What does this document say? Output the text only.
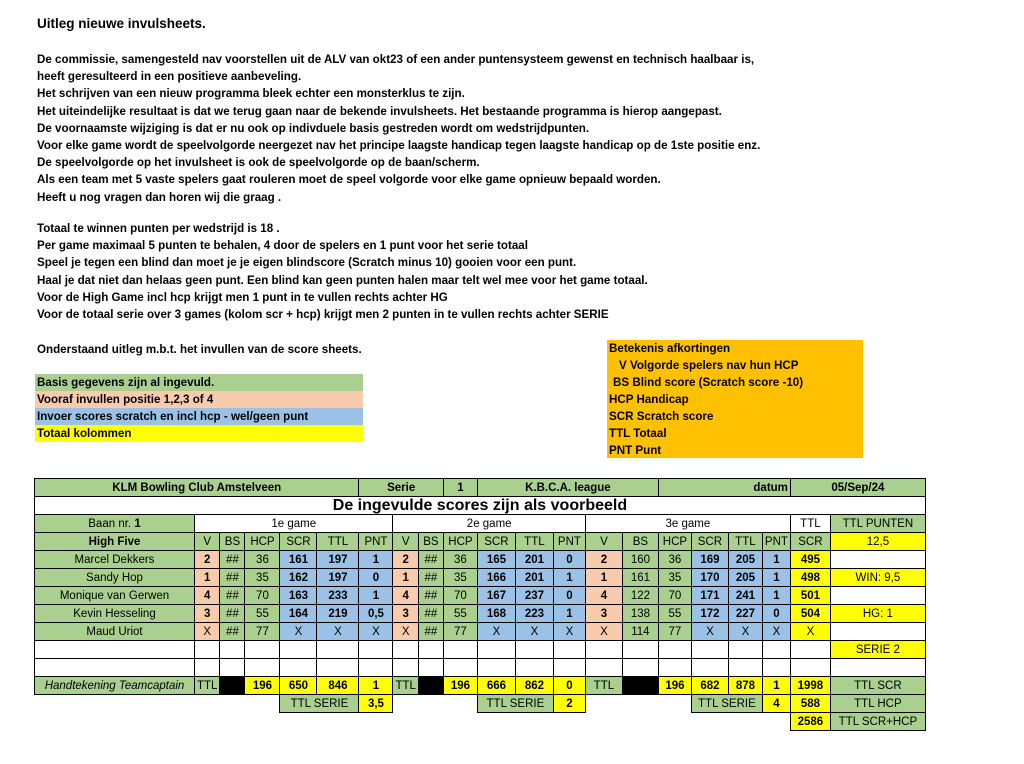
Uitleg nieuwe invulsheets.
De commissie, samengesteld nav voorstellen uit de ALV van okt23 of een ander puntensysteem gewenst en technisch haalbaar is,
heeft geresulteerd in een positieve aanbeveling.
Het schrijven van een nieuw programma bleek echter een monsterklus te zijn.
Het uiteindelijke resultaat is dat we terug gaan naar de bekende invulsheets. Het bestaande programma is hierop aangepast.
De voornaamste wijziging is dat er nu ook op indivduele basis gestreden wordt om wedstrijdpunten.
Voor elke game wordt de speelvolgorde neergezet nav het principe laagste handicap tegen laagste handicap op de 1ste positie enz.
De speelvolgorde op het invulsheet is ook de speelvolgorde op de baan/scherm.
Als een team met 5 vaste spelers gaat rouleren moet de speel volgorde voor elke game opnieuw bepaald worden.
Heeft u nog vragen dan horen wij die graag .
Totaal te winnen punten per wedstrijd is 18 .
Per game maximaal 5 punten te behalen, 4 door de spelers en 1 punt voor het serie totaal
Speel je tegen een blind dan moet je je eigen blindscore (Scratch minus 10) gooien voor een punt.
Haal je dat niet dan helaas geen punt. Een blind kan geen punten halen maar telt wel mee voor het game totaal.
Voor de High Game incl hcp krijgt men 1 punt in te vullen rechts achter HG
Voor de totaal serie over 3 games (kolom scr + hcp) krijgt men 2 punten in te vullen rechts achter SERIE
Onderstaand uitleg m.b.t. het invullen van de score sheets.
Basis gegevens zijn al ingevuld.
Vooraf invullen positie 1,2,3 of 4
Invoer scores scratch en incl hcp - wel/geen punt
Totaal kolommen
Betekenis afkortingen
V Volgorde spelers nav hun HCP
BS Blind score (Scratch score -10)
HCP Handicap
SCR Scratch score
TTL Totaal
PNT Punt
KLM Bowling Club Amstelveen						Serie			1	K.B.C.A. league					datum				05/Sep/24	
De ingevulde scores zijn als voorbeeld																				
Baan nr. 1	1e game						2e game						3e game						TTL	TTL PUNTEN
High Five	V	BS	HCP	SCR	TTL	PNT	V	BS	HCP	SCR	TTL	PNT	V	BS	HCP	SCR	TTL	PNT	SCR	12,5
Marcel Dekkers	2	##	36	161	197	1	2	##	36	165	201	0	2	160	36	169	205	1	495	
Sandy Hop	1	##	35	162	197	0	1	##	35	166	201	1	1	161	35	170	205	1	498	WIN: 9,5
Monique van Gerwen	4	##	70	163	233	1	4	##	70	167	237	0	4	122	70	171	241	1	501	
Kevin Hesseling	3	##	55	164	219	0,5	3	##	55	168	223	1	3	138	55	172	227	0	504	HG: 1
Maud Uriot	X	##	77	X	X	X	X	##	77	X	X	X	X	114	77	X	X	X	X	
																				SERIE 2

Handtekening Teamcaptain	TTL		196	650	846	1	TTL		196	666	862	0	TTL		196	682	878	1	1998	TTL SCR
				TTL SERIE		3,5				TTL SERIE		2				TTL SERIE		4	588	TTL HCP
																			2586	TTL SCR+HCP
